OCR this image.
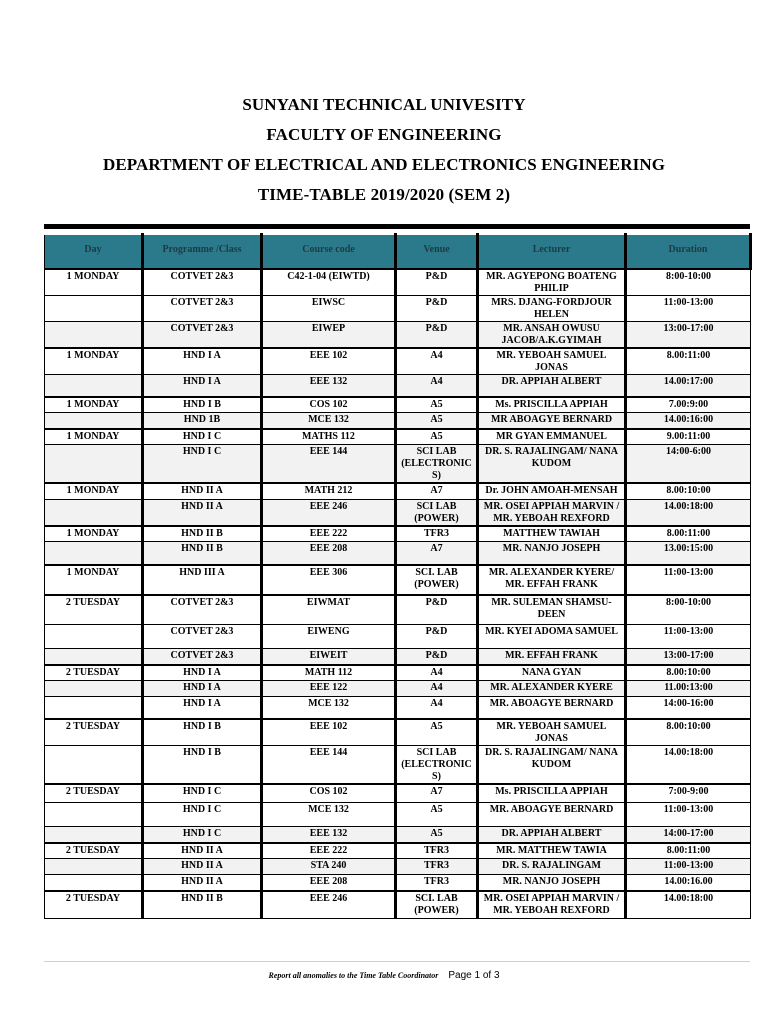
SUNYANI TECHNICAL UNIVESITY
FACULTY OF ENGINEERING
DEPARTMENT OF ELECTRICAL AND ELECTRONICS ENGINEERING
TIME-TABLE 2019/2020 (SEM 2)
Day	Programme /Class	Course code	Venue	Lecturer	Duration
1 MONDAY	COTVET 2&3	C42-1-04 (EIWTD)	P&D	MR. AGYEPONG BOATENG PHILIP	8:00-10:00
	COTVET 2&3	EIWSC	P&D	MRS. DJANG-FORDJOUR HELEN	11:00-13:00
	COTVET 2&3	EIWEP	P&D	MR. ANSAH OWUSU JACOB/A.K.GYIMAH	13:00-17:00
1 MONDAY	HND I A	EEE 102	A4	MR. YEBOAH SAMUEL JONAS	8.00:11:00
	HND I A	EEE 132	A4	DR. APPIAH ALBERT	14.00:17:00
1 MONDAY	HND I B	COS 102	A5	Ms. PRISCILLA APPIAH	7.00:9:00
	HND 1B	MCE 132	A5	MR ABOAGYE BERNARD	14.00:16:00
1 MONDAY	HND I C	MATHS 112	A5	MR GYAN EMMANUEL	9.00:11:00
	HND I C	EEE 144	SCI LAB (ELECTRONICS)	DR. S. RAJALINGAM/ NANA KUDOM	14:00-6:00
1 MONDAY	HND II A	MATH 212	A7	Dr. JOHN AMOAH-MENSAH	8.00:10:00
	HND II A	EEE 246	SCI LAB (POWER)	MR. OSEI APPIAH MARVIN / MR. YEBOAH REXFORD	14.00:18:00
1 MONDAY	HND II B	EEE 222	TFR3	MATTHEW TAWIAH	8.00:11:00
	HND II B	EEE 208	A7	MR. NANJO JOSEPH	13.00:15:00
1 MONDAY	HND III A	EEE 306	SCI. LAB (POWER)	MR. ALEXANDER KYERE/ MR. EFFAH FRANK	11:00-13:00
2 TUESDAY	COTVET 2&3	EIWMAT	P&D	MR. SULEMAN SHAMSU-DEEN	8:00-10:00
	COTVET 2&3	EIWENG	P&D	MR. KYEI ADOMA SAMUEL	11:00-13:00
	COTVET 2&3	EIWEIT	P&D	MR. EFFAH FRANK	13:00-17:00
2 TUESDAY	HND I A	MATH 112	A4	NANA GYAN	8.00:10:00
	HND I A	EEE 122	A4	MR. ALEXANDER KYERE	11.00:13:00
	HND I A	MCE 132	A4	MR. ABOAGYE BERNARD	14:00-16:00
2 TUESDAY	HND I B	EEE 102	A5	MR. YEBOAH SAMUEL JONAS	8.00:10:00
	HND I B	EEE 144	SCI LAB (ELECTRONICS)	DR. S. RAJALINGAM/ NANA KUDOM	14.00:18:00
2 TUESDAY	HND I C	COS 102	A7	Ms. PRISCILLA APPIAH	7:00-9:00
	HND I C	MCE 132	A5	MR. ABOAGYE BERNARD	11:00-13:00
	HND I C	EEE 132	A5	DR. APPIAH ALBERT	14:00-17:00
2 TUESDAY	HND II A	EEE 222	TFR3	MR. MATTHEW TAWIA	8.00:11:00
	HND II A	STA 240	TFR3	DR. S. RAJALINGAM	11:00-13:00
	HND II A	EEE 208	TFR3	MR. NANJO JOSEPH	14.00:16.00
2 TUESDAY	HND II B	EEE 246	SCI. LAB (POWER)	MR. OSEI APPIAH MARVIN / MR. YEBOAH REXFORD	14.00:18:00
Report all anomalies to the Time Table Coordinator Page 1 of 3
